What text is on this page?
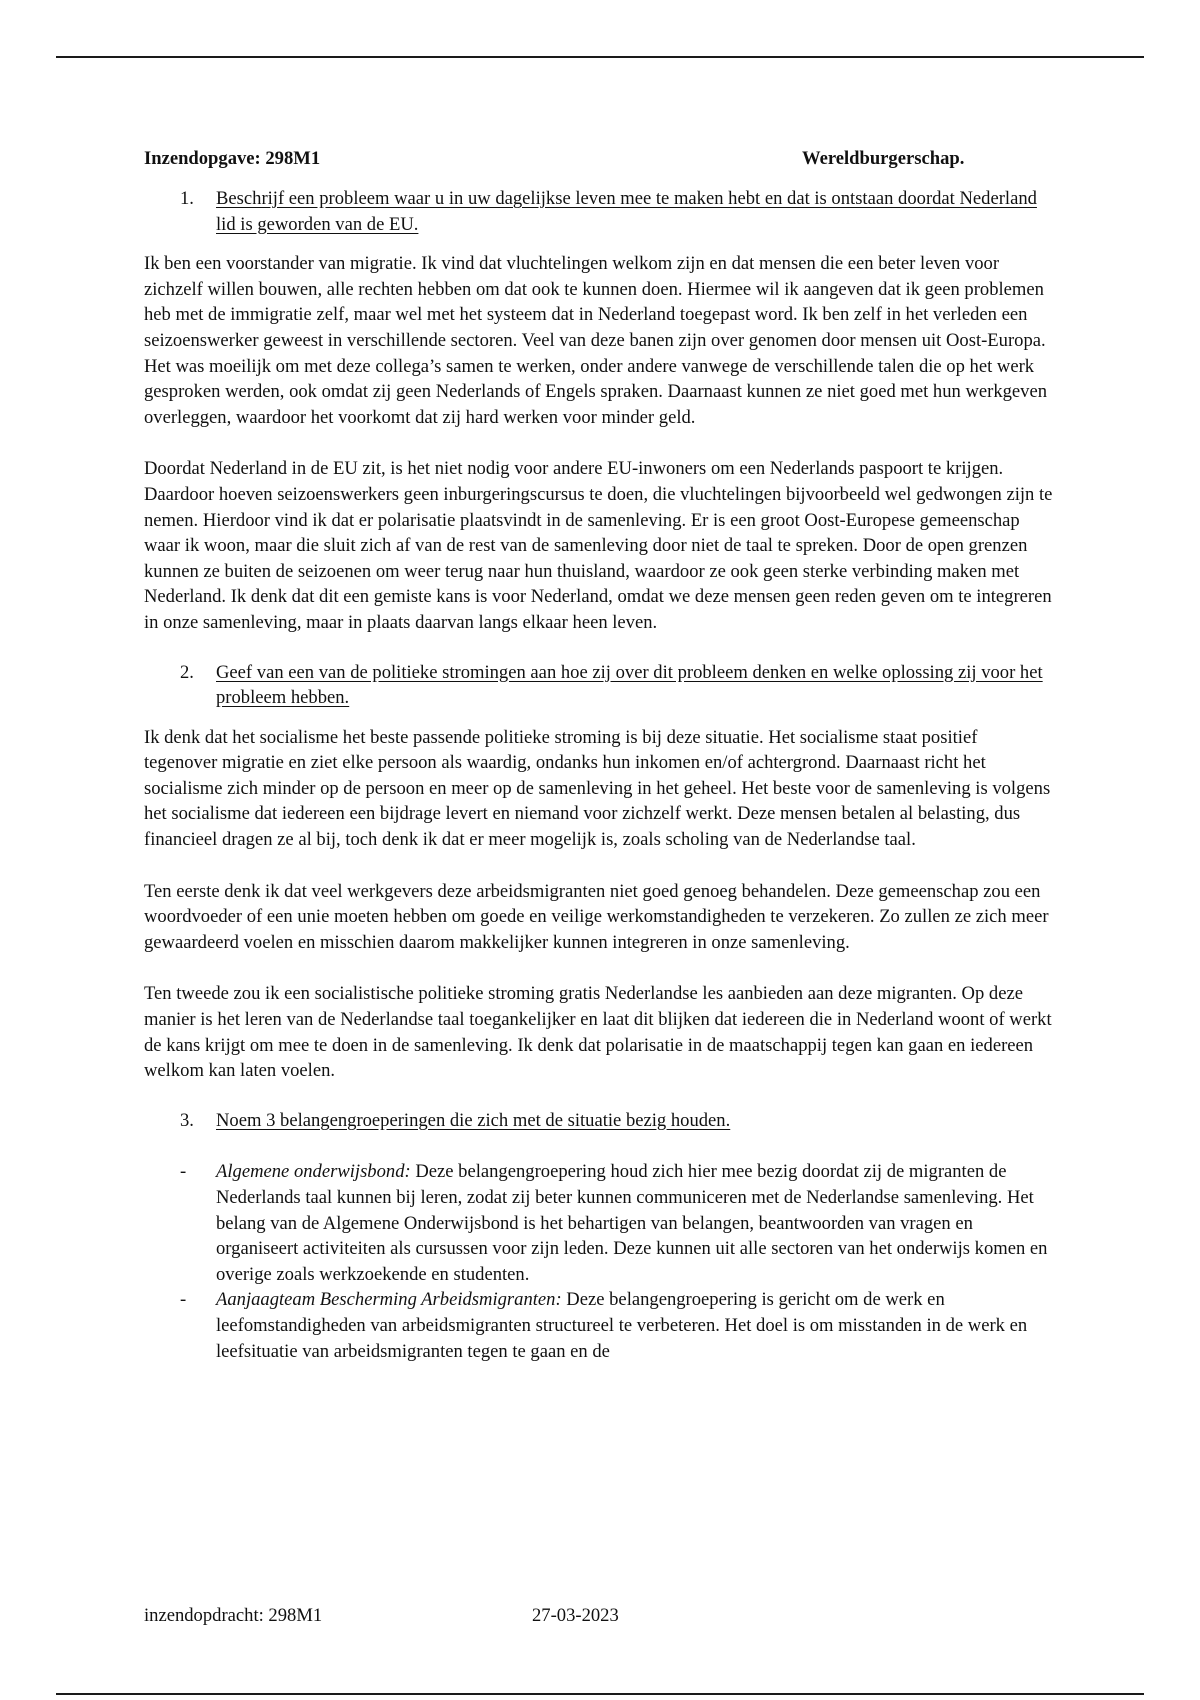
Inzendopgave: 298M1	Wereldburgerschap.
1. Beschrijf een probleem waar u in uw dagelijkse leven mee te maken hebt en dat is ontstaan doordat Nederland lid is geworden van de EU.

Ik ben een voorstander van migratie. Ik vind dat vluchtelingen welkom zijn en dat mensen die een beter leven voor zichzelf willen bouwen, alle rechten hebben om dat ook te kunnen doen. Hiermee wil ik aangeven dat ik geen problemen heb met de immigratie zelf, maar wel met het systeem dat in Nederland toegepast word. Ik ben zelf in het verleden een seizoenswerker geweest in verschillende sectoren. Veel van deze banen zijn over genomen door mensen uit Oost-Europa. Het was moeilijk om met deze collega’s samen te werken, onder andere vanwege de verschillende talen die op het werk gesproken werden, ook omdat zij geen Nederlands of Engels spraken. Daarnaast kunnen ze niet goed met hun werkgeven overleggen, waardoor het voorkomt dat zij hard werken voor minder geld.

Doordat Nederland in de EU zit, is het niet nodig voor andere EU-inwoners om een Nederlands paspoort te krijgen. Daardoor hoeven seizoenswerkers geen inburgeringscursus te doen, die vluchtelingen bijvoorbeeld wel gedwongen zijn te nemen. Hierdoor vind ik dat er polarisatie plaatsvindt in de samenleving. Er is een groot Oost-Europese gemeenschap waar ik woon, maar die sluit zich af van de rest van de samenleving door niet de taal te spreken. Door de open grenzen kunnen ze buiten de seizoenen om weer terug naar hun thuisland, waardoor ze ook geen sterke verbinding maken met Nederland. Ik denk dat dit een gemiste kans is voor Nederland, omdat we deze mensen geen reden geven om te integreren in onze samenleving, maar in plaats daarvan langs elkaar heen leven.

2. Geef van een van de politieke stromingen aan hoe zij over dit probleem denken en welke oplossing zij voor het probleem hebben.

Ik denk dat het socialisme het beste passende politieke stroming is bij deze situatie. Het socialisme staat positief tegenover migratie en ziet elke persoon als waardig, ondanks hun inkomen en/of achtergrond. Daarnaast richt het socialisme zich minder op de persoon en meer op de samenleving in het geheel. Het beste voor de samenleving is volgens het socialisme dat iedereen een bijdrage levert en niemand voor zichzelf werkt. Deze mensen betalen al belasting, dus financieel dragen ze al bij, toch denk ik dat er meer mogelijk is, zoals scholing van de Nederlandse taal.

Ten eerste denk ik dat veel werkgevers deze arbeidsmigranten niet goed genoeg behandelen. Deze gemeenschap zou een woordvoeder of een unie moeten hebben om goede en veilige werkomstandigheden te verzekeren. Zo zullen ze zich meer gewaardeerd voelen en misschien daarom makkelijker kunnen integreren in onze samenleving.

Ten tweede zou ik een socialistische politieke stroming gratis Nederlandse les aanbieden aan deze migranten. Op deze manier is het leren van de Nederlandse taal toegankelijker en laat dit blijken dat iedereen die in Nederland woont of werkt de kans krijgt om mee te doen in de samenleving. Ik denk dat polarisatie in de maatschappij tegen kan gaan en iedereen welkom kan laten voelen.

3. Noem 3 belangengroeperingen die zich met de situatie bezig houden.
- Algemene onderwijsbond: Deze belangengroepering houd zich hier mee bezig doordat zij de migranten de Nederlands taal kunnen bij leren, zodat zij beter kunnen communiceren met de Nederlandse samenleving. Het belang van de Algemene Onderwijsbond is het behartigen van belangen, beantwoorden van vragen en organiseert activiteiten als cursussen voor zijn leden. Deze kunnen uit alle sectoren van het onderwijs komen en overige zoals werkzoekende en studenten.
- Aanjaagteam Bescherming Arbeidsmigranten: Deze belangengroepering is gericht om de werk en leefomstandigheden van arbeidsmigranten structureel te verbeteren. Het doel is om misstanden in de werk en leefsituatie van arbeidsmigranten tegen te gaan en de
inzendopdracht: 298M1	27-03-2023
